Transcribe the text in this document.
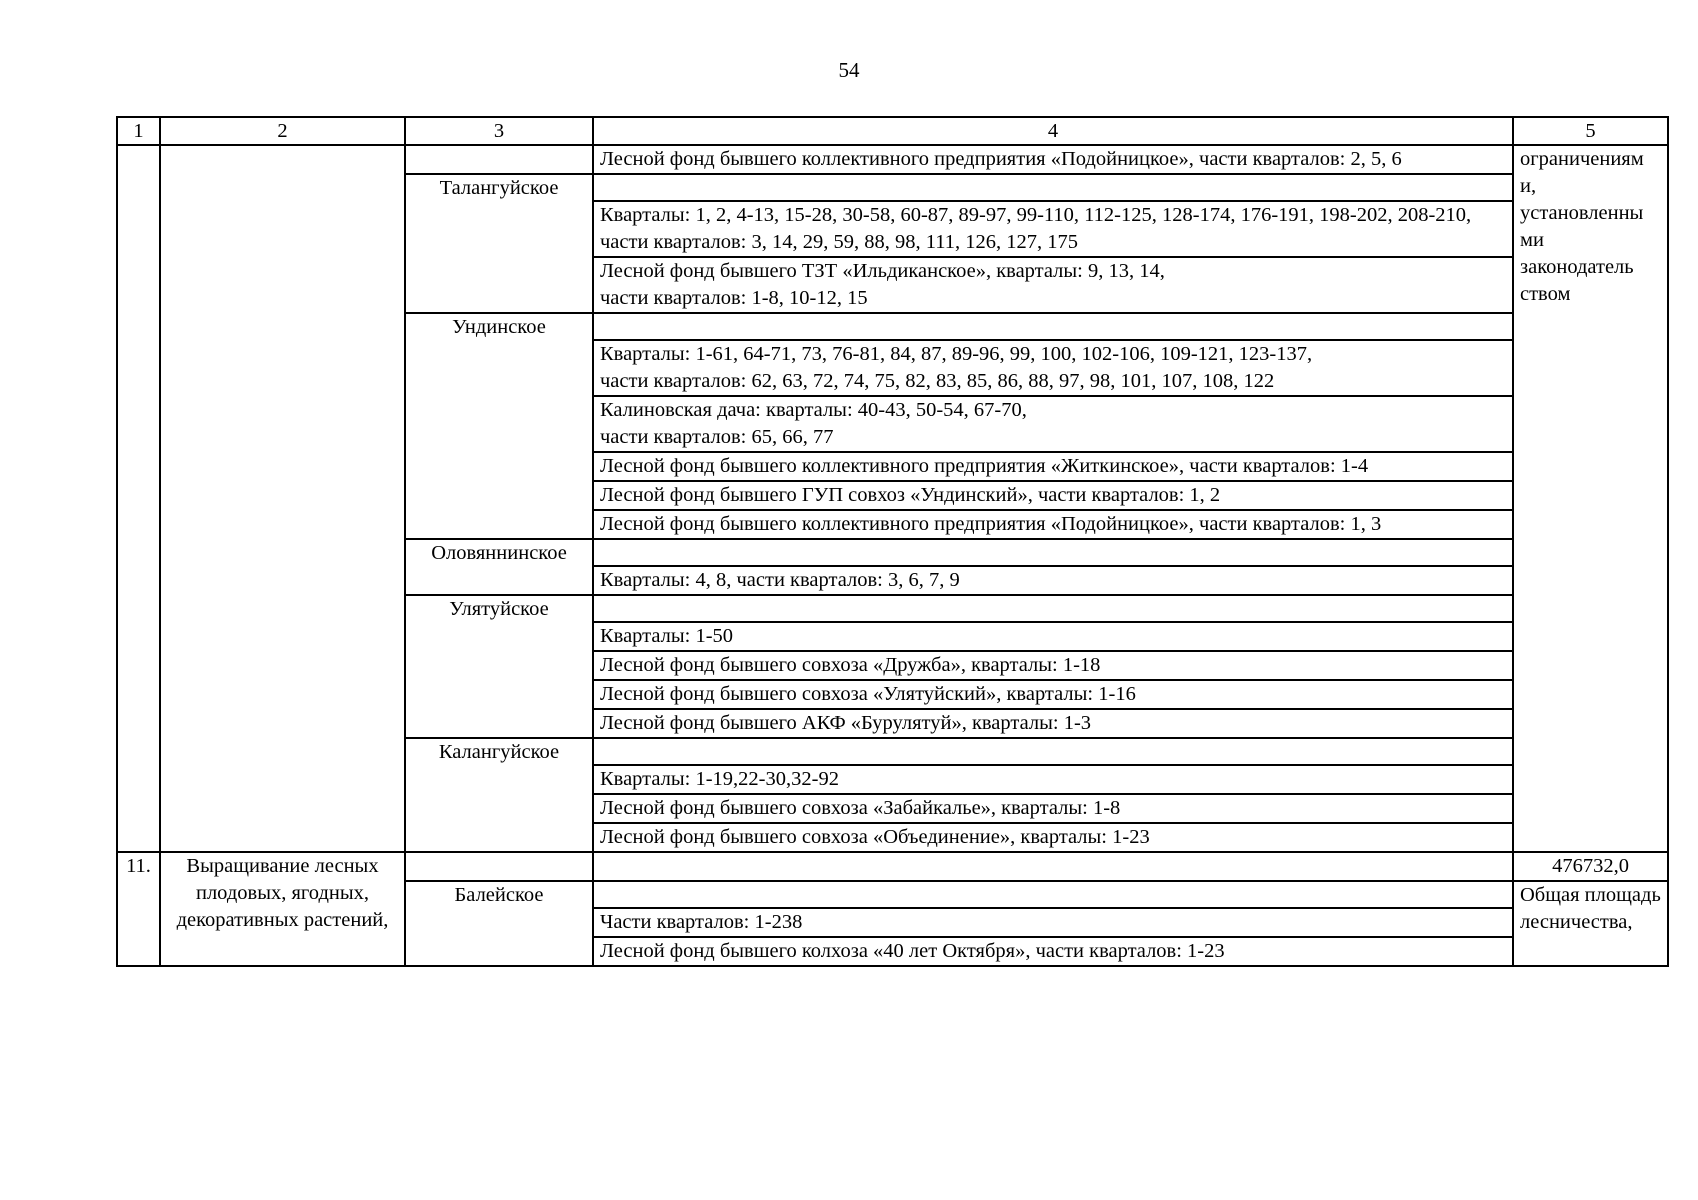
54
1	2	3	4	5
			Лесной фонд бывшего коллективного предприятия «Подойницкое», части кварталов: 2, 5, 6	ограничениям и, установленны ми законодатель ством
		Талангуйское		
			Кварталы: 1, 2, 4-13, 15-28, 30-58, 60-87, 89-97, 99-110, 112-125, 128-174, 176-191, 198-202, 208-210,
части кварталов: 3, 14, 29, 59, 88, 98, 111, 126, 127, 175	
			Лесной фонд бывшего ТЗТ «Ильдиканское», кварталы: 9, 13, 14,
части кварталов: 1-8, 10-12, 15	
		Ундинское		
			Кварталы: 1-61, 64-71, 73, 76-81, 84, 87, 89-96, 99, 100, 102-106, 109-121, 123-137,
части кварталов: 62, 63, 72, 74, 75, 82, 83, 85, 86, 88, 97, 98, 101, 107, 108, 122	
			Калиновская дача: кварталы: 40-43, 50-54, 67-70,
части кварталов: 65, 66, 77	
			Лесной фонд бывшего коллективного предприятия «Житкинское», части кварталов: 1-4	
			Лесной фонд бывшего ГУП совхоз «Ундинский», части кварталов: 1, 2	
			Лесной фонд бывшего коллективного предприятия «Подойницкое», части кварталов: 1, 3	
		Оловяннинское		
			Кварталы: 4, 8, части кварталов: 3, 6, 7, 9	
		Улятуйское		
			Кварталы: 1-50	
			Лесной фонд бывшего совхоза «Дружба», кварталы: 1-18	
			Лесной фонд бывшего совхоза «Улятуйский», кварталы: 1-16	
			Лесной фонд бывшего АКФ «Бурулятуй», кварталы: 1-3	
		Калангуйское		
			Кварталы: 1-19,22-30,32-92	
			Лесной фонд бывшего совхоза «Забайкалье», кварталы: 1-8	
			Лесной фонд бывшего совхоза «Объединение», кварталы: 1-23	
11.	Выращивание лесных плодовых, ягодных, декоративных растений,			476732,0
		Балейское		Общая площадь лесничества,
			Части кварталов: 1-238	
			Лесной фонд бывшего колхоза «40 лет Октября», части кварталов: 1-23	
